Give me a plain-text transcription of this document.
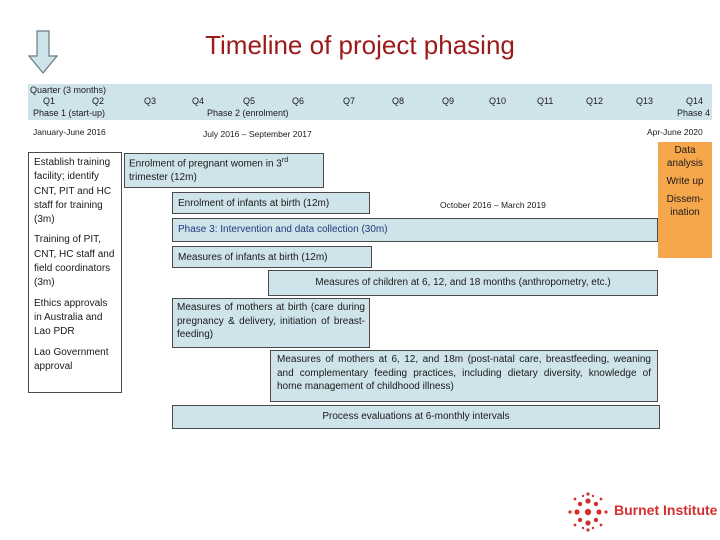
Timeline of project phasing
Quarter (3 months)
Q1	Q2	Q3	Q4	Q5	Q6	Q7	Q8	Q9	Q10	Q11	Q12	Q13	Q14
Phase 1 (start-up)	Phase 2 (enrolment)	Phase 4
January-June 2016	July 2016 – September 2017	Apr-June 2020
October 2016 – March 2019

Establish training facility; identify CNT, PIT and HC staff for training (3m)

Training of PIT, CNT, HC staff and field coordinators (3m)

Ethics approvals in Australia and Lao PDR

Lao Government approval

Enrolment of pregnant women in 3rd trimester (12m)
Enrolment of infants at birth (12m)
Phase 3: Intervention and data collection (30m)
Measures of infants at birth (12m)
Measures of children at 6, 12, and 18 months (anthropometry, etc.)
Measures of mothers at birth (care during pregnancy & delivery, initiation of breast-feeding)
Measures of mothers at 6, 12, and 18m (post-natal care, breastfeeding, weaning and complementary feeding practices, including dietary diversity, knowledge of home management of childhood illness)
Process evaluations at 6-monthly intervals
Data analysis
Write up
Dissem-ination
Burnet Institute
